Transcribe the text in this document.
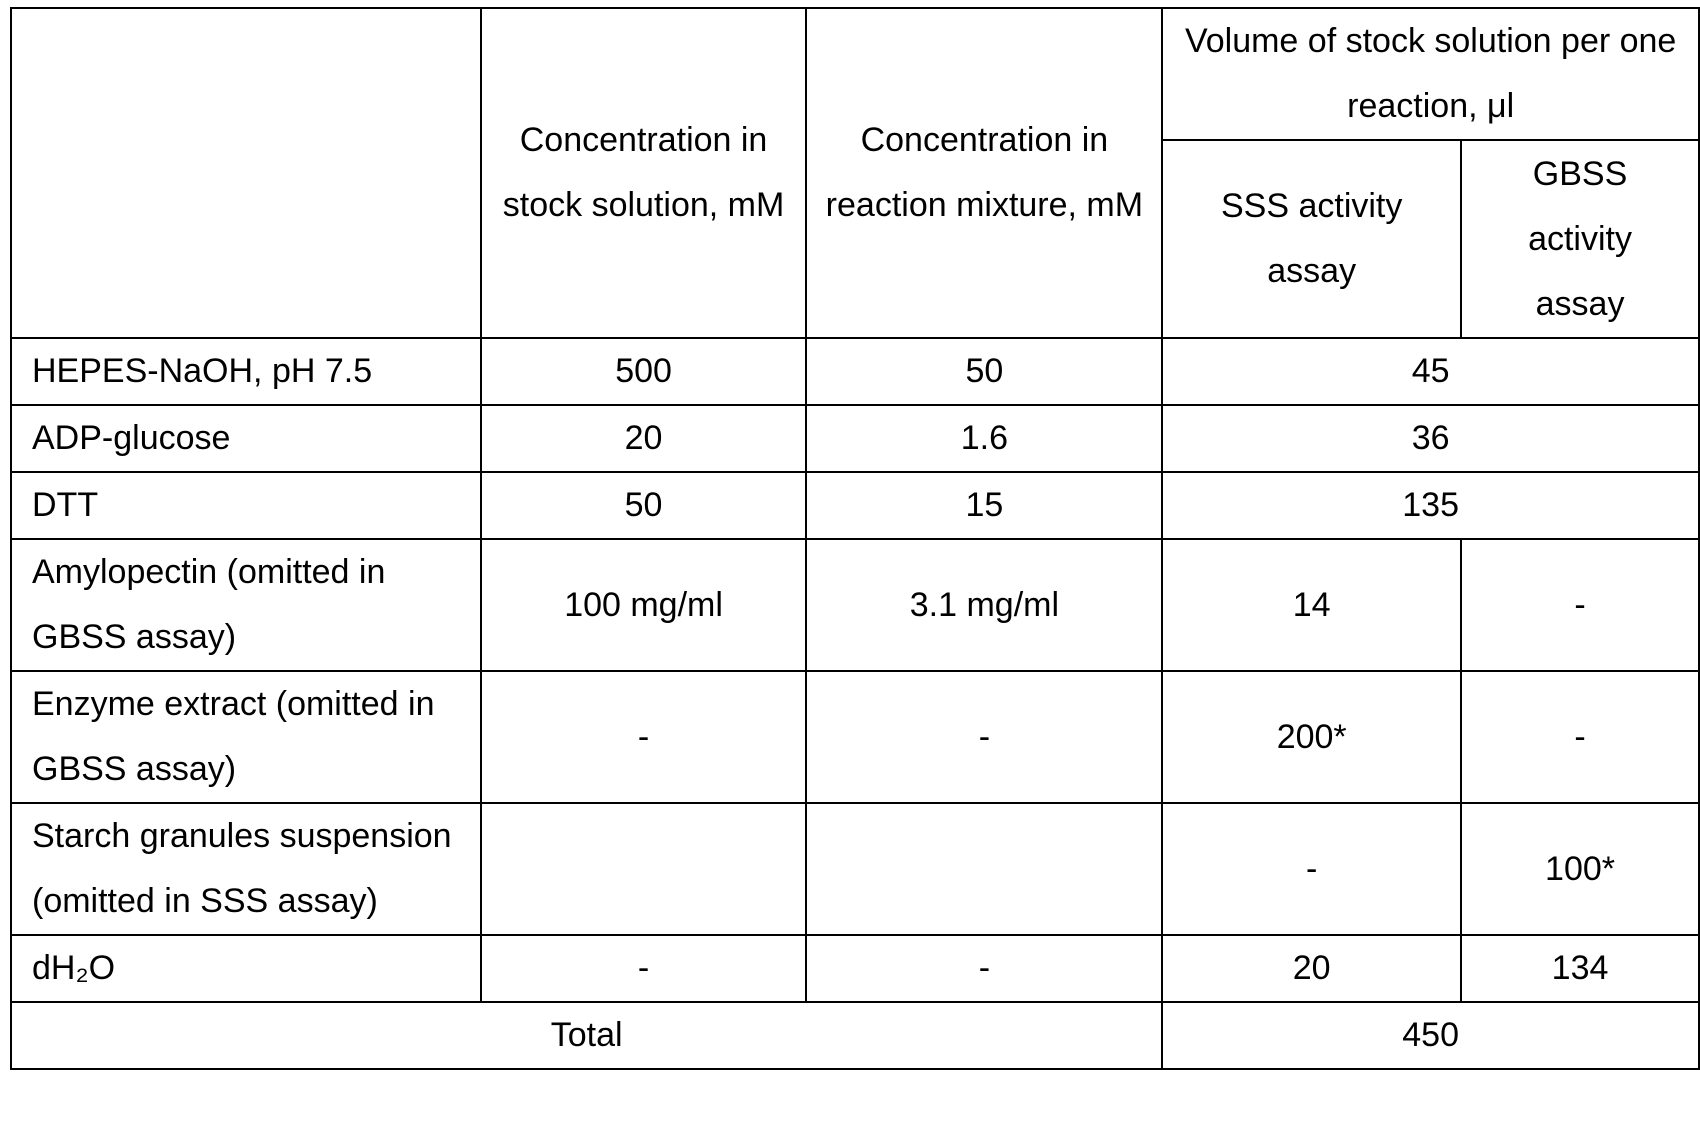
	Concentration in stock solution, mM	Concentration in reaction mixture, mM	Volume of stock solution per one reaction, μl	
			SSS activity assay	GBSS activity assay
HEPES-NaOH, pH 7.5	500	50	45	
ADP-glucose	20	1.6	36	
DTT	50	15	135	
Amylopectin (omitted in GBSS assay)	100 mg/ml	3.1 mg/ml	14	-
Enzyme extract (omitted in GBSS assay)	-	-	200*	-
Starch granules suspension (omitted in SSS assay)			-	100*
dH₂O	-	-	20	134
Total			450	
